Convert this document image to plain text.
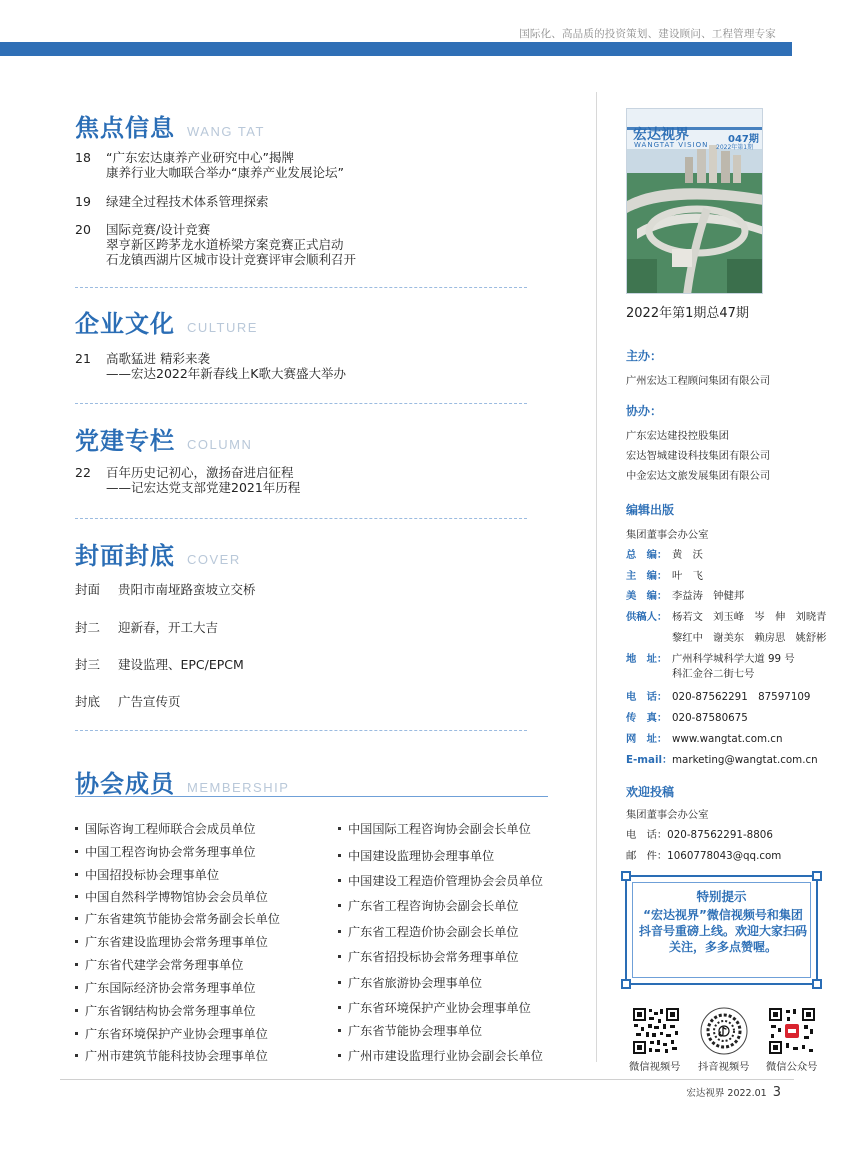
国际化、高品质的投资策划、建设顾问、工程管理专家
焦点信息 WANG TAT
18	“广东宏达康养产业研究中心”揭牌
康养行业大咖联合举办“康养产业发展论坛”
19	绿建全过程技术体系管理探索
20	国际竞赛/设计竞赛
翠亨新区跨茅龙水道桥梁方案竞赛正式启动
石龙镇西湖片区城市设计竞赛评审会顺利召开
企业文化 CULTURE
21	高歌猛进 精彩来袭
——宏达2022年新春线上K歌大赛盛大举办
党建专栏 COLUMN
22	百年历史记初心，激扬奋进启征程
——记宏达党支部党建2021年历程
封面封底 COVER
封面	贵阳市南垭路蛮坡立交桥
封二	迎新春，开工大吉
封三	建设监理、EPC/EPCM
封底	广告宣传页
协会成员 MEMBERSHIP
国际咨询工程师联合会成员单位
中国工程咨询协会常务理事单位
中国招投标协会理事单位
中国自然科学博物馆协会会员单位
广东省建筑节能协会常务副会长单位
广东省建设监理协会常务理事单位
广东省代建学会常务理事单位
广东国际经济协会常务理事单位
广东省钢结构协会常务理事单位
广东省环境保护产业协会理事单位
广州市建筑节能科技协会理事单位
中国国际工程咨询协会副会长单位
中国建设监理协会理事单位
中国建设工程造价管理协会会员单位
广东省工程咨询协会副会长单位
广东省工程造价协会副会长单位
广东省招投标协会常务理事单位
广东省旅游协会理事单位
广东省环境保护产业协会理事单位
广东省节能协会理事单位
广州市建设监理行业协会副会长单位
宏达视界
WANGTAT VISION 047期
2022年第1期
2022年第1期总47期
主办：
广州宏达工程顾问集团有限公司
协办：
广东宏达建投控股集团
宏达智城建设科技集团有限公司
中金宏达文旅发展集团有限公司
编辑出版
集团董事会办公室
总　编： 黄　沃
主　编： 叶　飞
美　编： 李益涛　钟健邦
供稿人： 杨若文　刘玉峰　岑　伸　刘晓青
黎红中　谢美东　赖房思　姚舒彬
地　址： 广州科学城科学大道 99 号
科汇金谷二街七号
电　话： 020-87562291　87597109
传　真： 020-87580675
网　址： www.wangtat.com.cn
E-mail：marketing@wangtat.com.cn
欢迎投稿
集团董事会办公室
电　话：020-87562291-8806
邮　件：1060778043@qq.com
特别提示
“宏达视界”微信视频号和集团抖音号重磅上线。欢迎大家扫码关注，多多点赞喔。
微信视频号 抖音视频号 微信公众号
宏达视界 2022.01 3
